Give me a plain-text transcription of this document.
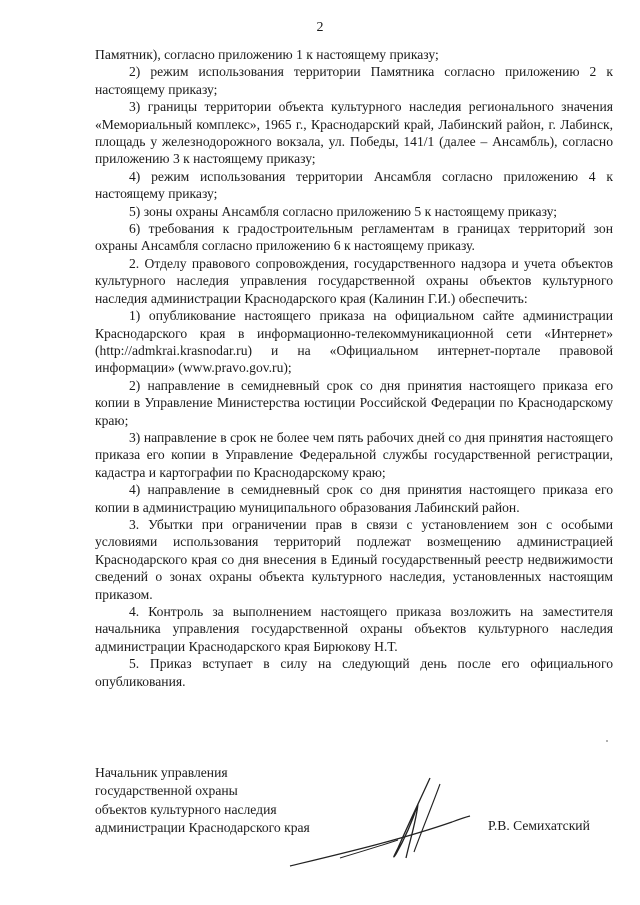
2

Памятник), согласно приложению 1 к настоящему приказу;

2) режим использования территории Памятника согласно приложению 2 к настоящему приказу;

3) границы территории объекта культурного наследия регионального значения «Мемориальный комплекс», 1965 г., Краснодарский край, Лабинский район, г. Лабинск, площадь у железнодорожного вокзала, ул. Победы, 141/1 (далее – Ансамбль), согласно приложению 3 к настоящему приказу;

4) режим использования территории Ансамбля согласно приложению 4 к настоящему приказу;

5) зоны охраны Ансамбля согласно приложению 5 к настоящему приказу;

6) требования к градостроительным регламентам в границах территорий зон охраны Ансамбля согласно приложению 6 к настоящему приказу.

2. Отделу правового сопровождения, государственного надзора и учета объектов культурного наследия управления государственной охраны объектов культурного наследия администрации Краснодарского края (Калинин Г.И.) обеспечить:

1) опубликование настоящего приказа на официальном сайте администрации Краснодарского края в информационно-телекоммуникационной сети «Интернет» (http://admkrai.krasnodar.ru) и на «Официальном интернет-портале правовой информации» (www.pravo.gov.ru);

2) направление в семидневный срок со дня принятия настоящего приказа его копии в Управление Министерства юстиции Российской Федерации по Краснодарскому краю;

3) направление в срок не более чем пять рабочих дней со дня принятия настоящего приказа его копии в Управление Федеральной службы государственной регистрации, кадастра и картографии по Краснодарскому краю;

4) направление в семидневный срок со дня принятия настоящего приказа его копии в администрацию муниципального образования Лабинский район.

3. Убытки при ограничении прав в связи с установлением зон с особыми условиями использования территорий подлежат возмещению администрацией Краснодарского края со дня внесения в Единый государственный реестр недвижимости сведений о зонах охраны объекта культурного наследия, установленных настоящим приказом.

4. Контроль за выполнением настоящего приказа возложить на заместителя начальника управления государственной охраны объектов культурного наследия администрации Краснодарского края Бирюкову Н.Т.

5. Приказ вступает в силу на следующий день после его официального опубликования.

Начальник управления
государственной охраны
объектов культурного наследия
администрации Краснодарского края	Р.В. Семихатский
